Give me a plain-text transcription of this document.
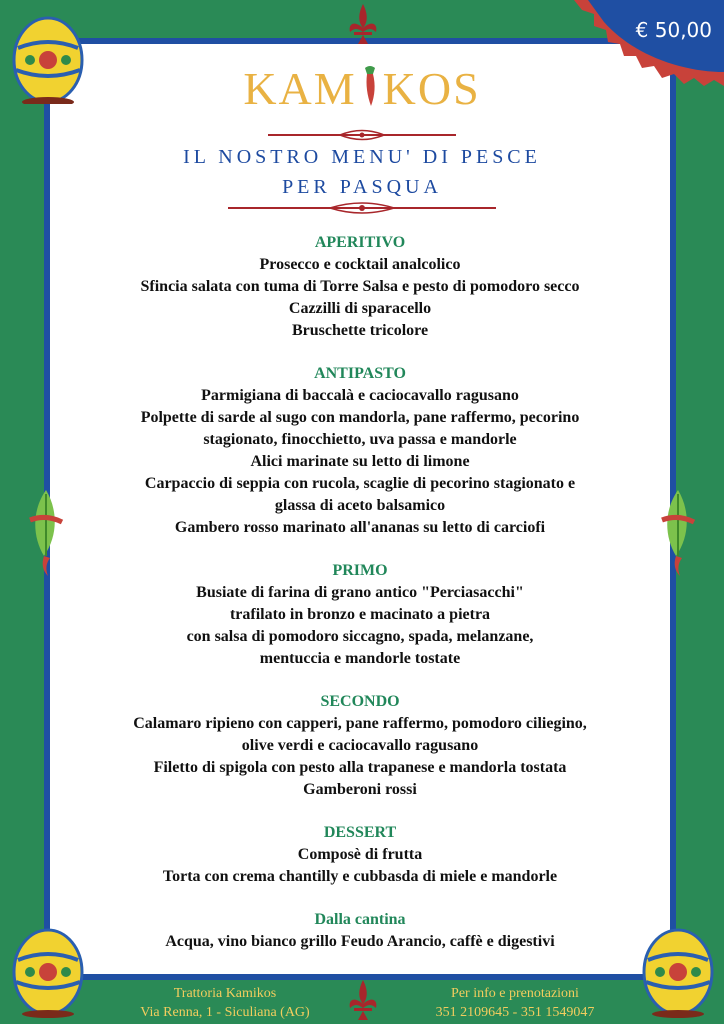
€ 50,00
KAM KOS
IL NOSTRO MENU' DI PESCE
PER PASQUA
APERITIVO
Prosecco e cocktail analcolico
Sfincia salata con tuma di Torre Salsa e pesto di pomodoro secco
Cazzilli di sparacello
Bruschette tricolore
ANTIPASTO
Parmigiana di baccalà e caciocavallo ragusano
Polpette di sarde al sugo con mandorla, pane raffermo, pecorino
stagionato, finocchietto, uva passa e mandorle
Alici marinate su letto di limone
Carpaccio di seppia con rucola, scaglie di pecorino stagionato e
glassa di aceto balsamico
Gambero rosso marinato all'ananas su letto di carciofi
PRIMO
Busiate di farina di grano antico "Perciasacchi"
trafilato in bronzo e macinato a pietra
con salsa di pomodoro siccagno, spada, melanzane,
mentuccia e mandorle tostate
SECONDO
Calamaro ripieno con capperi, pane raffermo, pomodoro ciliegino,
olive verdi e caciocavallo ragusano
Filetto di spigola con pesto alla trapanese e mandorla tostata
Gamberoni rossi
DESSERT
Composè di frutta
Torta con crema chantilly e cubbasda di miele e mandorle
Dalla cantina
Acqua, vino bianco grillo Feudo Arancio, caffè e digestivi
Trattoria Kamikos
Via Renna, 1 - Siculiana (AG)
Per info e prenotazioni
351 2109645 - 351 1549047
